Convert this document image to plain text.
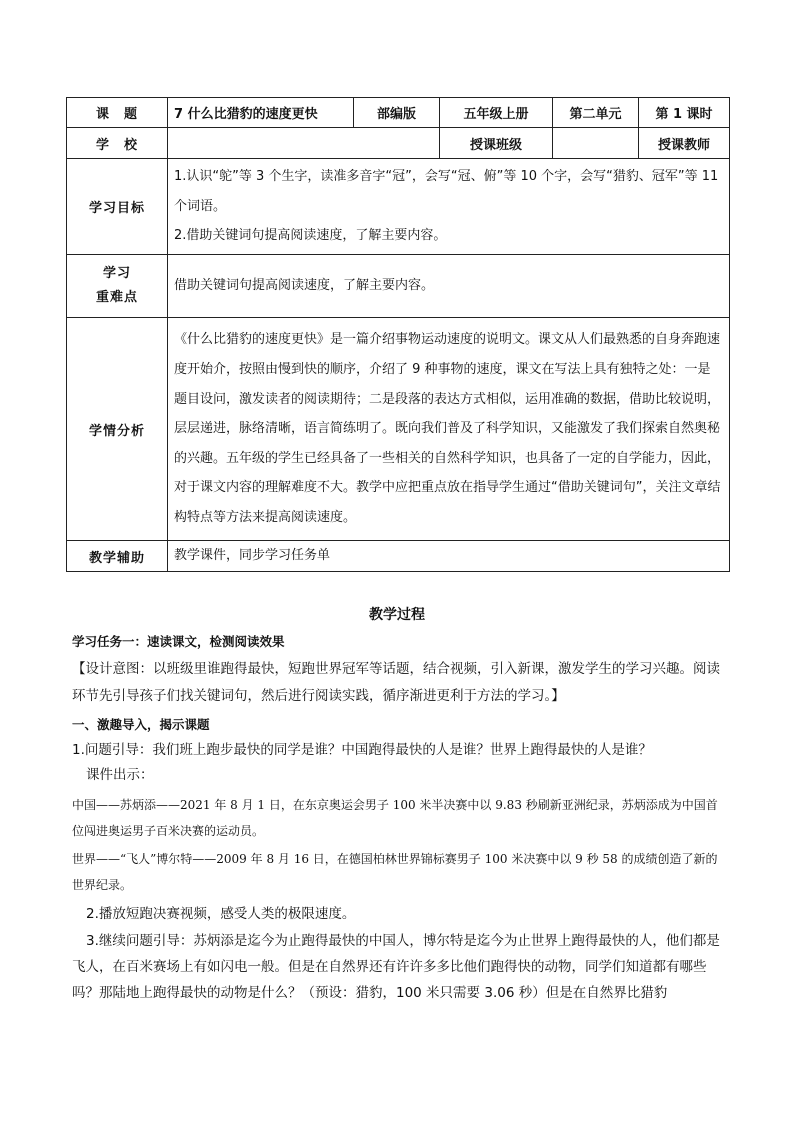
课　题	7 什么比猎豹的速度更快	部编版	五年级上册	第二单元	第 1 课时	
学　校			授课班级		授课教师	
学习目标	1.认识“鸵”等 3 个生字，读准多音字“冠”，会写“冠、俯”等 10 个字，会写“猎豹、冠军”等 11 个词语。

2.借助关键词句提高阅读速度，了解主要内容。

学习
重难点	借助关键词句提高阅读速度，了解主要内容。
学情分析	《什么比猎豹的速度更快》是一篇介绍事物运动速度的说明文。课文从人们最熟悉的自身奔跑速度开始介，按照由慢到快的顺序，介绍了 9 种事物的速度，课文在写法上具有独特之处：一是题目设问，激发读者的阅读期待；二是段落的表达方式相似，运用准确的数据，借助比较说明，层层递进，脉络清晰，语言简练明了。既向我们普及了科学知识，又能激发了我们探索自然奥秘的兴趣。五年级的学生已经具备了一些相关的自然科学知识，也具备了一定的自学能力，因此，对于课文内容的理解难度不大。教学中应把重点放在指导学生通过“借助关键词句”，关注文章结构特点等方法来提高阅读速度。
教学辅助	教学课件，同步学习任务单
教学过程
学习任务一：速读课文，检测阅读效果
【设计意图：以班级里谁跑得最快，短跑世界冠军等话题，结合视频，引入新课，激发学生的学习兴趣。阅读环节先引导孩子们找关键词句，然后进行阅读实践，循序渐进更利于方法的学习。】
一、激趣导入，揭示课题
1.问题引导：我们班上跑步最快的同学是谁？中国跑得最快的人是谁？世界上跑得最快的人是谁？
课件出示：
中国——苏炳添——2021 年 8 月 1 日，在东京奥运会男子 100 米半决赛中以 9.83 秒刷新亚洲纪录，苏炳添成为中国首位闯进奥运男子百米决赛的运动员。
世界——“飞人”博尔特——2009 年 8 月 16 日，在德国柏林世界锦标赛男子 100 米决赛中以 9 秒 58 的成绩创造了新的世界纪录。
2.播放短跑决赛视频，感受人类的极限速度。
3.继续问题引导：苏炳添是迄今为止跑得最快的中国人，博尔特是迄今为止世界上跑得最快的人，他们都是飞人，在百米赛场上有如闪电一般。但是在自然界还有许许多多比他们跑得快的动物，同学们知道都有哪些吗？那陆地上跑得最快的动物是什么？（预设：猎豹，100 米只需要 3.06 秒）但是在自然界比猎豹
